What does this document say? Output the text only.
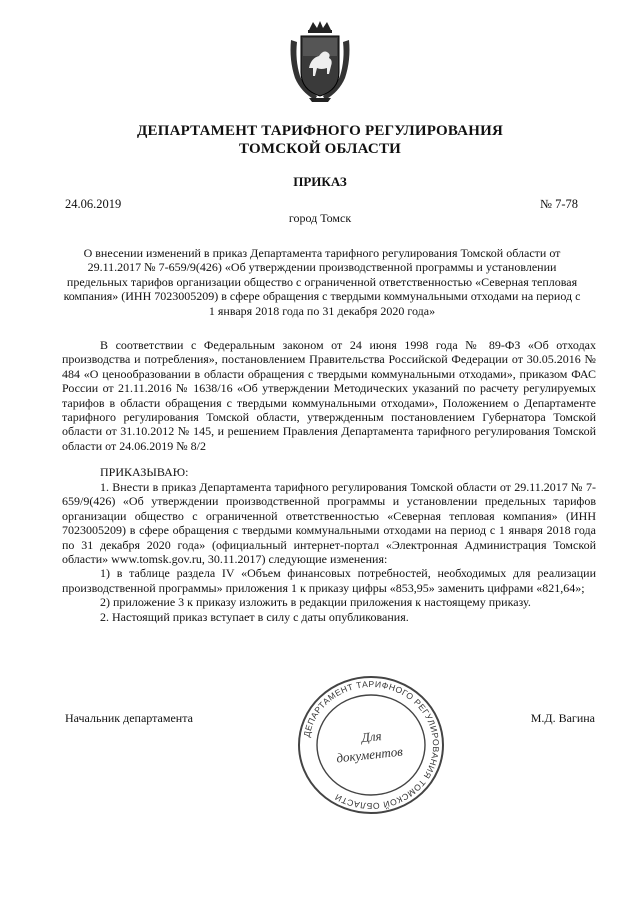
ДЕПАРТАМЕНТ ТАРИФНОГО РЕГУЛИРОВАНИЯ
ТОМСКОЙ ОБЛАСТИ
ПРИКАЗ
24.06.2019	№ 7-78
город Томск
О внесении изменений в приказ Департамента тарифного регулирования Томской области от 29.11.2017 № 7-659/9(426) «Об утверждении производственной программы и установлении предельных тарифов организации общество с ограниченной ответственностью «Северная тепловая компания» (ИНН 7023005209) в сфере обращения с твердыми коммунальными отходами на период с 1 января 2018 года по 31 декабря 2020 года»
В соответствии с Федеральным законом от 24 июня 1998 года № 89-ФЗ «Об отходах производства и потребления», постановлением Правительства Российской Федерации от 30.05.2016 № 484 «О ценообразовании в области обращения с твердыми коммунальными отходами», приказом ФАС России от 21.11.2016 № 1638/16 «Об утверждении Методических указаний по расчету регулируемых тарифов в области обращения с твердыми коммунальными отходами», Положением о Департаменте тарифного регулирования Томской области, утвержденным постановлением Губернатора Томской области от 31.10.2012 № 145, и решением Правления Департамента тарифного регулирования Томской области от 24.06.2019 № 8/2
ПРИКАЗЫВАЮ:

1. Внести в приказ Департамента тарифного регулирования Томской области от 29.11.2017 № 7-659/9(426) «Об утверждении производственной программы и установлении предельных тарифов организации общество с ограниченной ответственностью «Северная тепловая компания» (ИНН 7023005209) в сфере обращения с твердыми коммунальными отходами на период с 1 января 2018 года по 31 декабря 2020 года» (официальный интернет-портал «Электронная Администрация Томской области» www.tomsk.gov.ru, 30.11.2017) следующие изменения:

1) в таблице раздела IV «Объем финансовых потребностей, необходимых для реализации производственной программы» приложения 1 к приказу цифры «853,95» заменить цифрами «821,64»;

2) приложение 3 к приказу изложить в редакции приложения к настоящему приказу.

2. Настоящий приказ вступает в силу с даты опубликования.

Начальник департамента	М.Д. Вагина
ДЕПАРТАМЕНТ ТАРИФНОГО РЕГУЛИРОВАНИЯ ТОМСКОЙ ОБЛАСТИ
Для
документов
